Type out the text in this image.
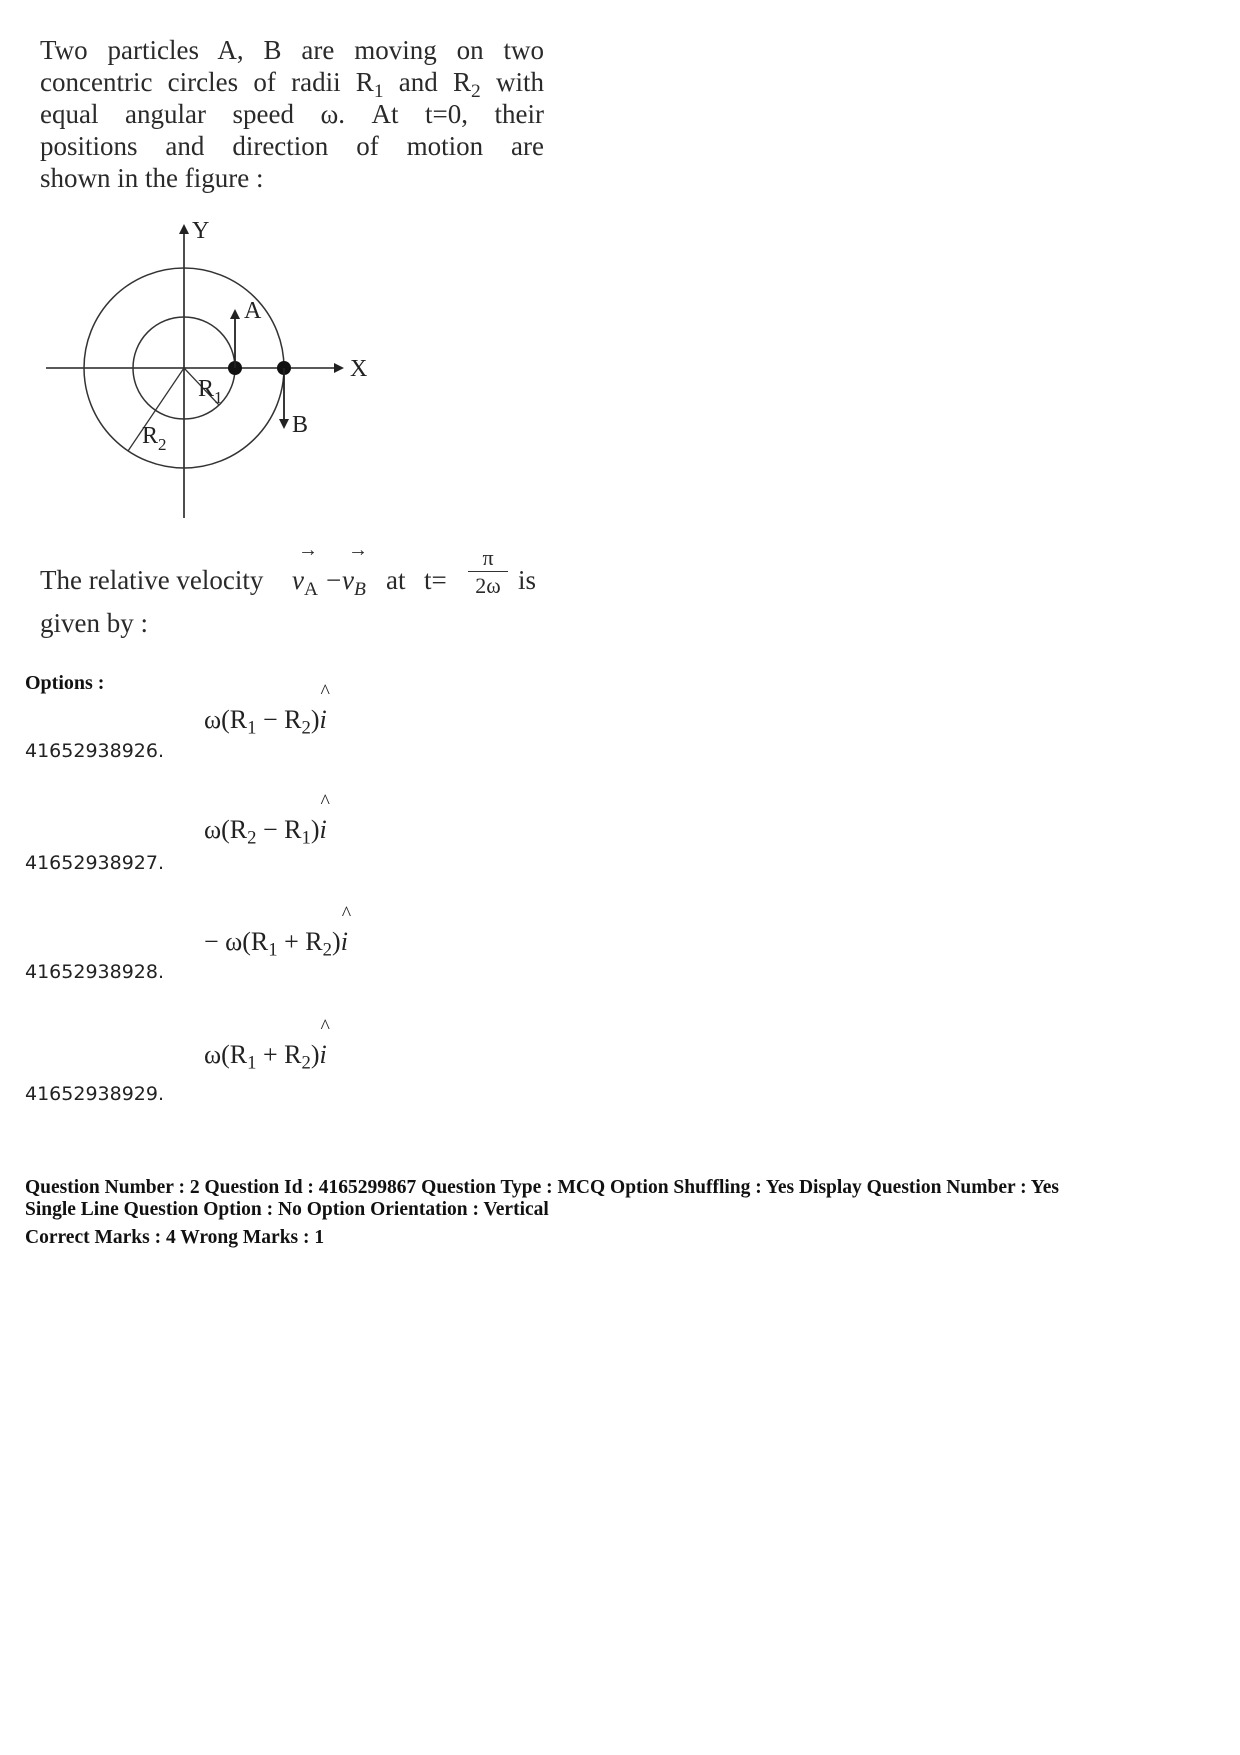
Two particles A, B are moving on two
concentric circles of radii $R_1$ and $R_2$ with
equal angular speed ω. At t=0, their
positions and direction of motion are
shown in the figure :
Y
X
A
B
$R_1$
$R_2$
The relative velocity
→
$v_A$ −
→
$v_B$ at $t= \frac{\pi}{2\omega}$ is
given by :
Options :
$\omega(R_1 - R_2)$
^
i
41652938926.
$\omega(R_2 - R_1)$
^
i
41652938927.
− $\omega(R_1 + R_2)$
^
i
41652938928.
$\omega(R_1 + R_2)$
^
i
41652938929.
Question Number : 2 Question Id : 4165299867 Question Type : MCQ Option Shuffling : Yes Display Question Number : Yes
Single Line Question Option : No Option Orientation : Vertical
Correct Marks : 4 Wrong Marks : 1
